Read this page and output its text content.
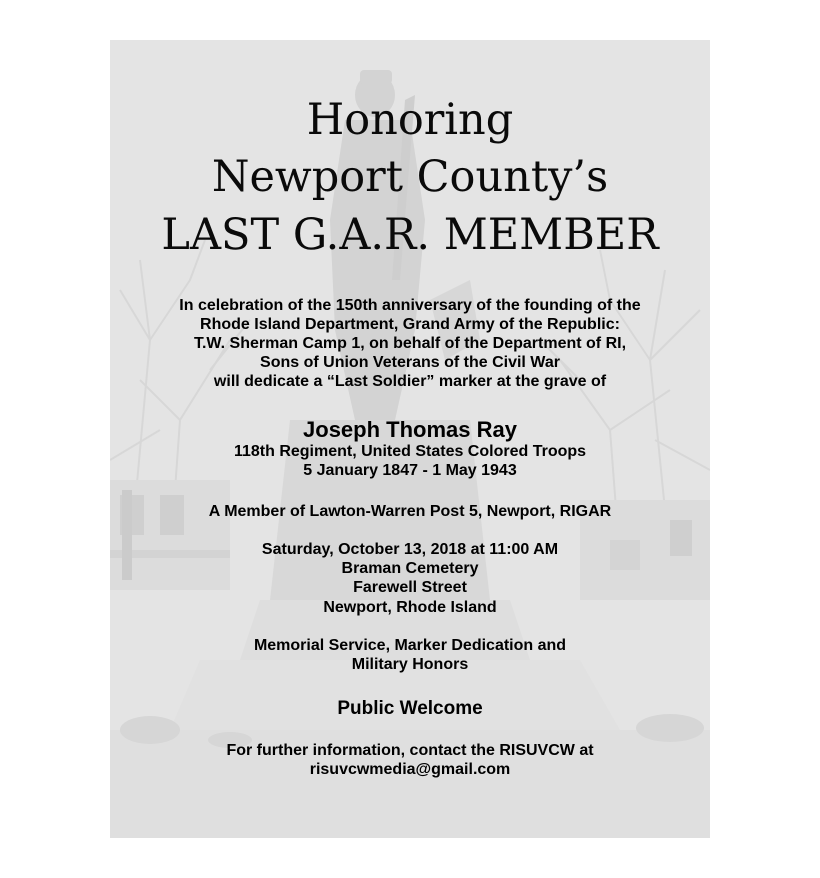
Honoring
Newport County’s
LAST G.A.R. MEMBER
In celebration of the 150th anniversary of the founding of the
Rhode Island Department, Grand Army of the Republic:
T.W. Sherman Camp 1, on behalf of the Department of RI,
Sons of Union Veterans of the Civil War
will dedicate a “Last Soldier” marker at the grave of
Joseph Thomas Ray
118th Regiment, United States Colored Troops
5 January 1847 - 1 May 1943
A Member of Lawton-Warren Post 5, Newport, RIGAR
Saturday, October 13, 2018 at 11:00 AM
Braman Cemetery
Farewell Street
Newport, Rhode Island
Memorial Service, Marker Dedication and
Military Honors
Public Welcome
For further information, contact the RISUVCW at
risuvcwmedia@gmail.com
